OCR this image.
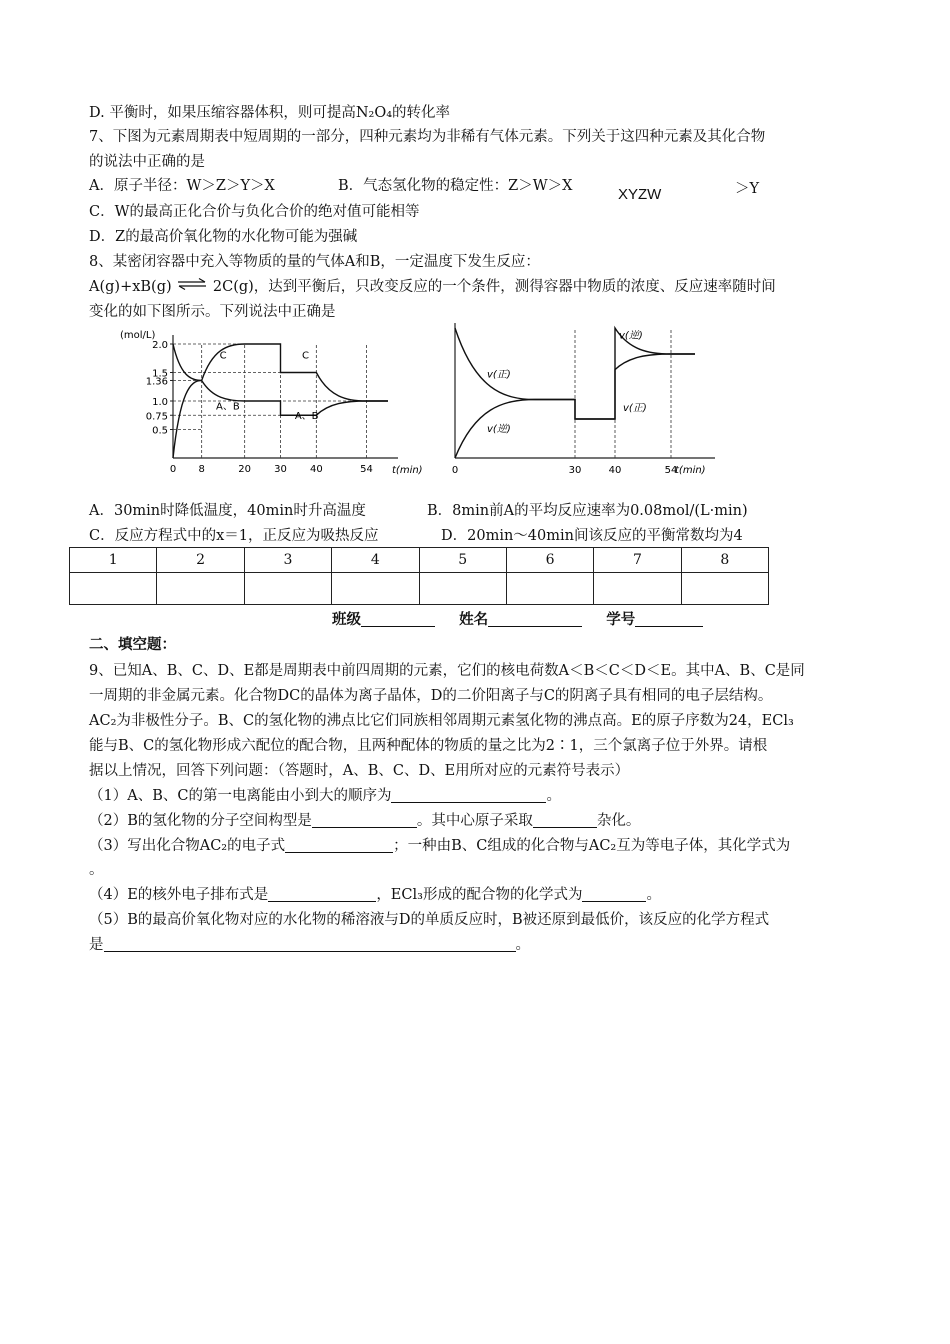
D. 平衡时，如果压缩容器体积，则可提高N₂O₄的转化率
7、下图为元素周期表中短周期的一部分，四种元素均为非稀有气体元素。下列关于这四种元素及其化合物
的说法中正确的是
A．原子半径：W＞Z＞Y＞X	B．气态氢化物的稳定性：Z＞W＞X	XYZW	＞Y
C．W的最高正化合价与负化合价的绝对值可能相等
D．Z的最高价氧化物的水化物可能为强碱
8、某密闭容器中充入等物质的量的气体A和B，一定温度下发生反应：
A(g)+xB(g) ⇌ 2C(g)，达到平衡后，只改变反应的一个条件，测得容器中物质的浓度、反应速率随时间
变化的如下图所示。下列说法中正确是
(mol/L)
t(min)
2.0
1.5
1.36
1.0
0.75
0.5
0 8	20 30 40	54
C
A、B
C
A、B
t(min)
0	30	40	54
v(正)
v(逆)
v(逆)
v(正)
A．30min时降低温度，40min时升高温度	B．8min前A的平均反应速率为0.08mol/(L·min)
C．反应方程式中的x＝1，正反应为吸热反应	D．20min～40min间该反应的平衡常数均为4
1	2	3	4	5	6	7	8

班级	姓名	学号
二、填空题：
9、已知A、B、C、D、E都是周期表中前四周期的元素，它们的核电荷数A＜B＜C＜D＜E。其中A、B、C是同
一周期的非金属元素。化合物DC的晶体为离子晶体，D的二价阳离子与C的阴离子具有相同的电子层结构。
AC₂为非极性分子。B、C的氢化物的沸点比它们同族相邻周期元素氢化物的沸点高。E的原子序数为24，ECl₃
能与B、C的氢化物形成六配位的配合物，且两种配体的物质的量之比为2∶1，三个氯离子位于外界。请根
据以上情况，回答下列问题：（答题时，A、B、C、D、E用所对应的元素符号表示）
（1）A、B、C的第一电离能由小到大的顺序为	。
（2）B的氢化物的分子空间构型是	。其中心原子采取	杂化。
（3）写出化合物AC₂的电子式	；一种由B、C组成的化合物与AC₂互为等电子体，其化学式为
。
（4）E的核外电子排布式是	，ECl₃形成的配合物的化学式为	。
（5）B的最高价氧化物对应的水化物的稀溶液与D的单质反应时，B被还原到最低价，该反应的化学方程式
是	。
